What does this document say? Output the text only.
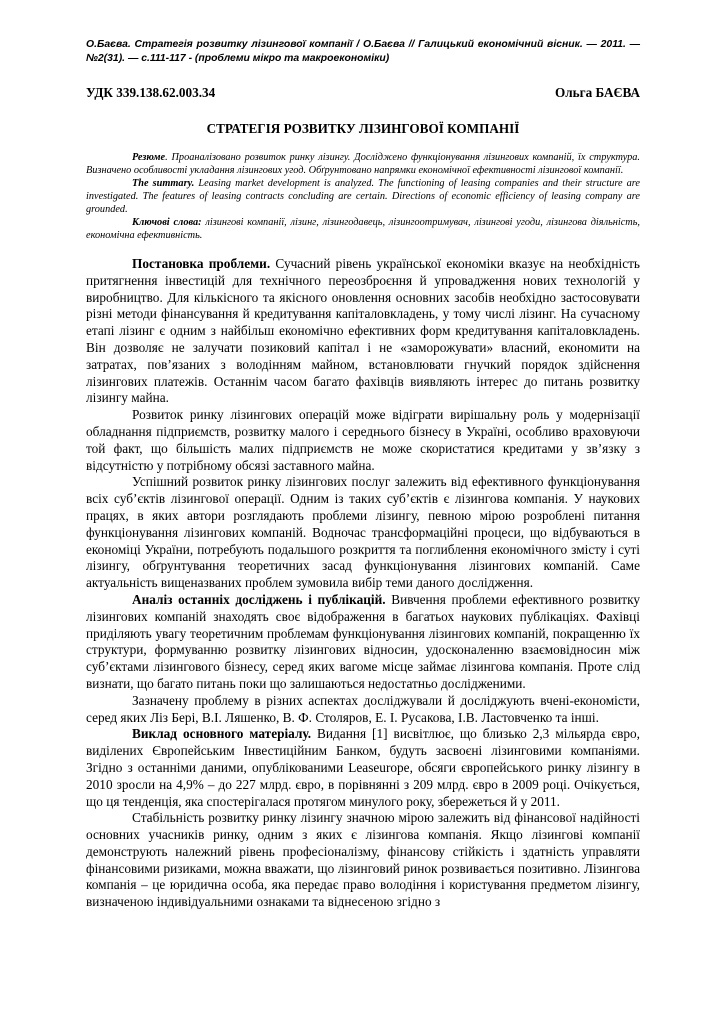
О.Баєва. Стратегія розвитку лізингової компанії / О.Баєва // Галицький економічний вісник. — 2011. — №2(31). — с.111-117 - (проблеми мікро та макроекономіки)
УДК 339.138.62.003.34	Ольга БАЄВА
СТРАТЕГІЯ РОЗВИТКУ ЛІЗИНГОВОЇ КОМПАНІЇ

Резюме. Проаналізовано розвиток ринку лізингу. Досліджено функціонування лізингових компаній, їх структура. Визначено особливості укладання лізингових угод. Обґрунтовано напрямки економічної ефективності лізингової компанії.

The summary. Leasing market development is analyzed. The functioning of leasing companies and their structure are investigated. The features of leasing contracts concluding are certain. Directions of economic efficiency of leasing company are grounded.

Ключові слова: лізингові компанії, лізинг, лізингодавець, лізингоотримувач, лізингові угоди, лізингова діяльність, економічна ефективність.

Постановка проблеми. Сучасний рівень української економіки вказує на необхідність притягнення інвестицій для технічного переозброєння й упровадження нових технологій у виробництво. Для кількісного та якісного оновлення основних засобів необхідно застосовувати різні методи фінансування й кредитування капіталовкладень, у тому числі лізинг. На сучасному етапі лізинг є одним з найбільш економічно ефективних форм кредитування капіталовкладень. Він дозволяє не залучати позиковий капітал і не «заморожувати» власний, економити на затратах, пов’язаних з володінням майном, встановлювати гнучкий порядок здійснення лізингових платежів. Останнім часом багато фахівців виявляють інтерес до питань розвитку лізингу майна.

Розвиток ринку лізингових операцій може відіграти вирішальну роль у модернізації обладнання підприємств, розвитку малого і середнього бізнесу в Україні, особливо враховуючи той факт, що більшість малих підприємств не може скористатися кредитами у зв’язку з відсутністю у потрібному обсязі заставного майна.

Успішний розвиток ринку лізингових послуг залежить від ефективного функціонування всіх суб’єктів лізингової операції. Одним із таких суб’єктів є лізингова компанія. У наукових працях, в яких автори розглядають проблеми лізингу, певною мірою розроблені питання функціонування лізингових компаній. Водночас трансформаційні процеси, що відбуваються в економіці України, потребують подальшого розкриття та поглиблення економічного змісту і суті лізингу, обґрунтування теоретичних засад функціонування лізингових компаній. Саме актуальність вищеназваних проблем зумовила вибір теми даного дослідження.

Аналіз останніх досліджень і публікацій. Вивчення проблеми ефективного розвитку лізингових компаній знаходять своє відображення в багатьох наукових публікаціях. Фахівці приділяють увагу теоретичним проблемам функціонування лізингових компаній, покращенню їх структури, формуванню розвитку лізингових відносин, удосконаленню взаємовідносин між суб’єктами лізингового бізнесу, серед яких вагоме місце займає лізингова компанія. Проте слід визнати, що багато питань поки що залишаються недостатньо дослідженими.

Зазначену проблему в різних аспектах досліджували й досліджують вчені-економісти, серед яких Ліз Бері, В.І. Ляшенко, В. Ф. Столяров, Е. І. Русакова, І.В. Ластовченко та інші.

Виклад основного матеріалу. Видання [1] висвітлює, що близько 2,3 мільярда євро, виділених Європейським Інвестиційним Банком, будуть засвоєні лізинговими компаніями. Згідно з останніми даними, опублікованими Leaseurope, обсяги європейського ринку лізингу в 2010 зросли на 4,9% – до 227 млрд. євро, в порівнянні з 209 млрд. євро в 2009 році. Очікується, що ця тенденція, яка спостерігалася протягом минулого року, збережеться й у 2011.

Стабільність розвитку ринку лізингу значною мірою залежить від фінансової надійності основних учасників ринку, одним з яких є лізингова компанія. Якщо лізингові компанії демонструють належний рівень професіоналізму, фінансову стійкість і здатність управляти фінансовими ризиками, можна вважати, що лізинговий ринок розвивається позитивно. Лізингова компанія – це юридична особа, яка передає право володіння і користування предметом лізингу, визначеною індивідуальними ознаками та віднесеною згідно з
